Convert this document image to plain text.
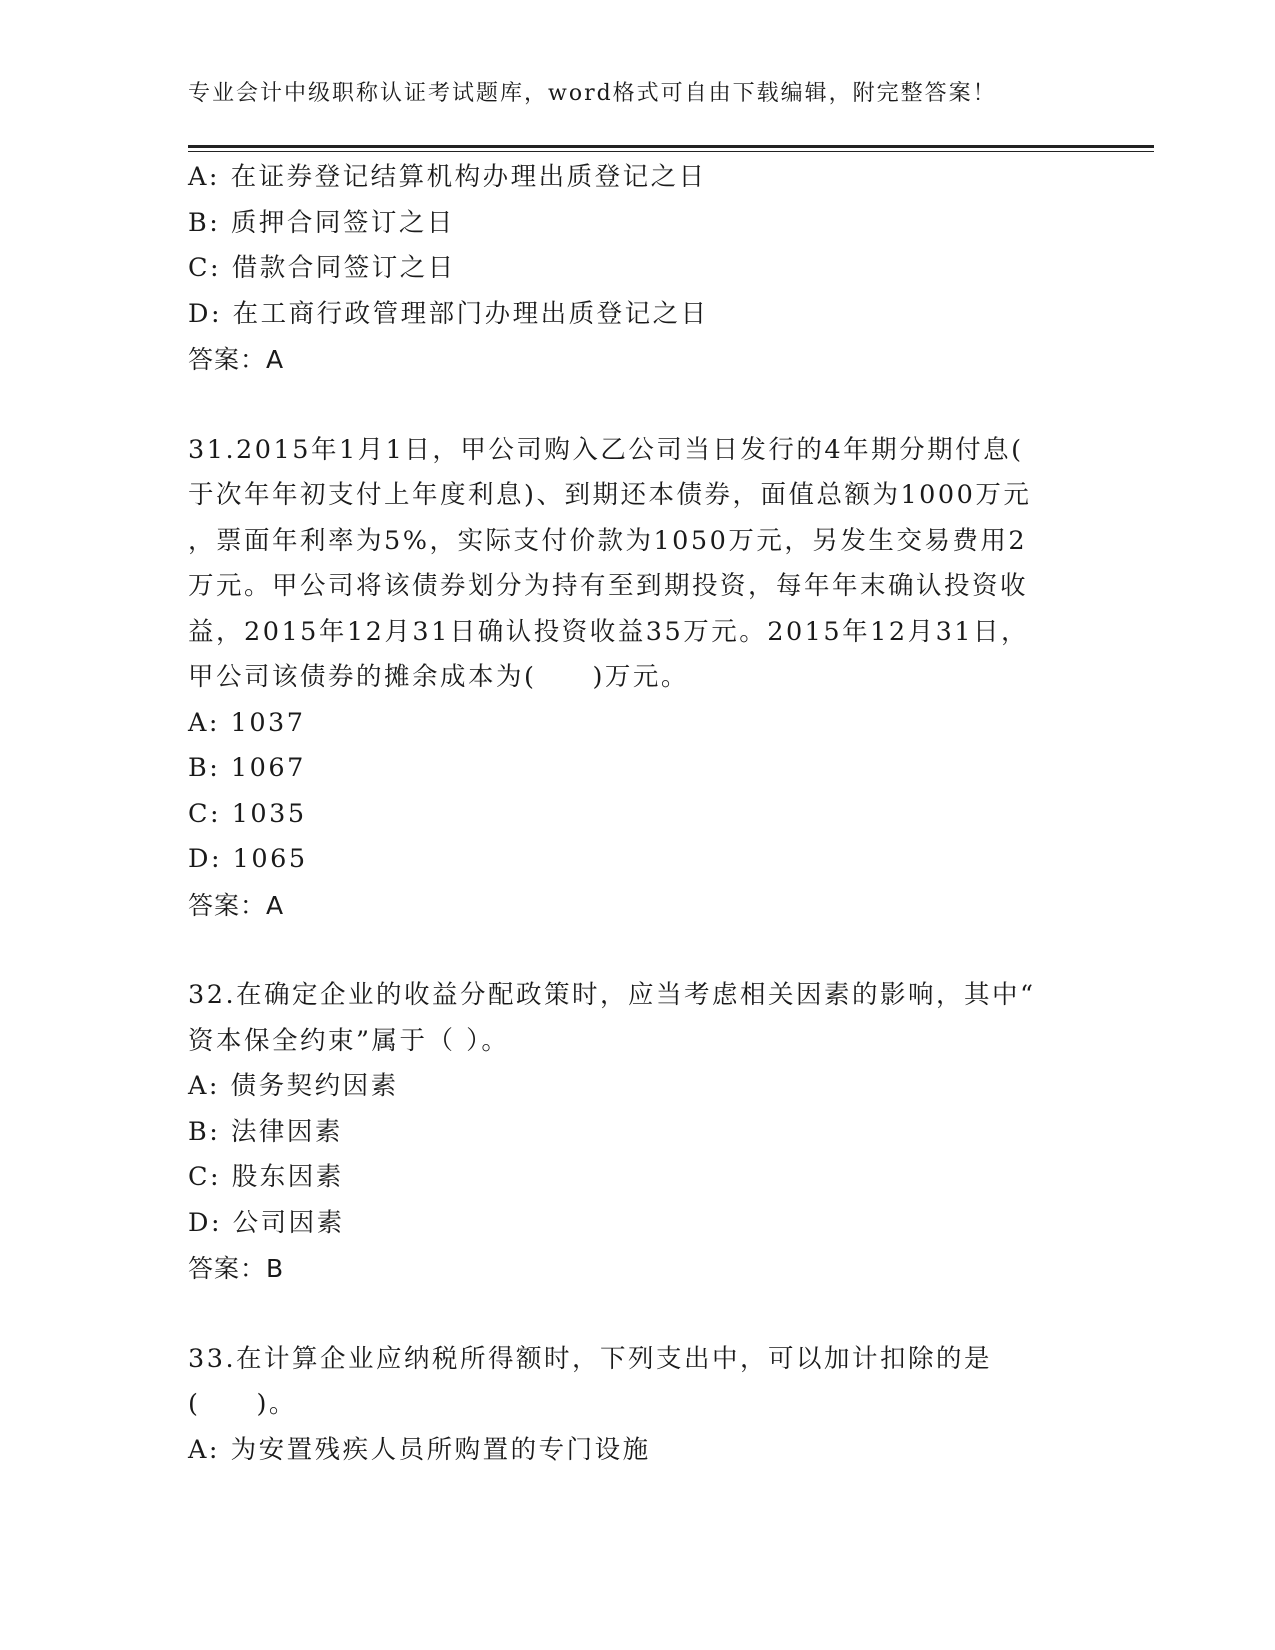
专业会计中级职称认证考试题库，word格式可自由下载编辑，附完整答案！
A: 在证券登记结算机构办理出质登记之日
B: 质押合同签订之日
C: 借款合同签订之日
D: 在工商行政管理部门办理出质登记之日
答案：A
31.2015年1月1日，甲公司购入乙公司当日发行的4年期分期付息(
于次年年初支付上年度利息)、到期还本债券，面值总额为1000万元
，票面年利率为5%，实际支付价款为1050万元，另发生交易费用2
万元。甲公司将该债券划分为持有至到期投资，每年年末确认投资收
益，2015年12月31日确认投资收益35万元。2015年12月31日，
甲公司该债券的摊余成本为(　　)万元。
A: 1037
B: 1067
C: 1035
D: 1065
答案：A
32.在确定企业的收益分配政策时，应当考虑相关因素的影响，其中“
资本保全约束”属于（ ）。
A: 债务契约因素
B: 法律因素
C: 股东因素
D: 公司因素
答案：B
33.在计算企业应纳税所得额时，下列支出中，可以加计扣除的是
(　　)。
A: 为安置残疾人员所购置的专门设施
